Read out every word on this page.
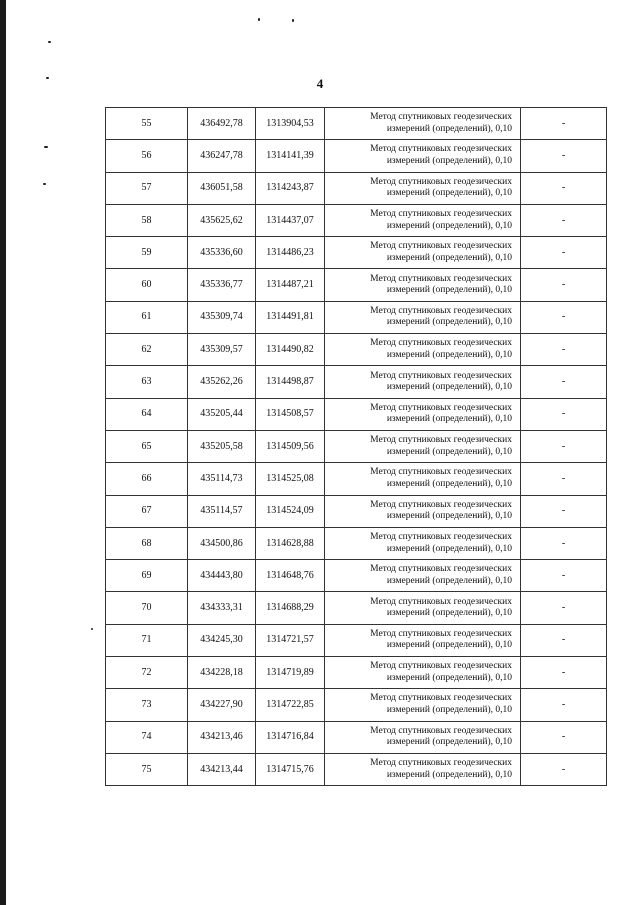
4
55	436492,78	1313904,53	Метод спутниковых геодезических измерений (определений), 0,10	-
56	436247,78	1314141,39	Метод спутниковых геодезических измерений (определений), 0,10	-
57	436051,58	1314243,87	Метод спутниковых геодезических измерений (определений), 0,10	-
58	435625,62	1314437,07	Метод спутниковых геодезических измерений (определений), 0,10	-
59	435336,60	1314486,23	Метод спутниковых геодезических измерений (определений), 0,10	-
60	435336,77	1314487,21	Метод спутниковых геодезических измерений (определений), 0,10	-
61	435309,74	1314491,81	Метод спутниковых геодезических измерений (определений), 0,10	-
62	435309,57	1314490,82	Метод спутниковых геодезических измерений (определений), 0,10	-
63	435262,26	1314498,87	Метод спутниковых геодезических измерений (определений), 0,10	-
64	435205,44	1314508,57	Метод спутниковых геодезических измерений (определений), 0,10	-
65	435205,58	1314509,56	Метод спутниковых геодезических измерений (определений), 0,10	-
66	435114,73	1314525,08	Метод спутниковых геодезических измерений (определений), 0,10	-
67	435114,57	1314524,09	Метод спутниковых геодезических измерений (определений), 0,10	-
68	434500,86	1314628,88	Метод спутниковых геодезических измерений (определений), 0,10	-
69	434443,80	1314648,76	Метод спутниковых геодезических измерений (определений), 0,10	-
70	434333,31	1314688,29	Метод спутниковых геодезических измерений (определений), 0,10	-
71	434245,30	1314721,57	Метод спутниковых геодезических измерений (определений), 0,10	-
72	434228,18	1314719,89	Метод спутниковых геодезических измерений (определений), 0,10	-
73	434227,90	1314722,85	Метод спутниковых геодезических измерений (определений), 0,10	-
74	434213,46	1314716,84	Метод спутниковых геодезических измерений (определений), 0,10	-
75	434213,44	1314715,76	Метод спутниковых геодезических измерений (определений), 0,10	-
